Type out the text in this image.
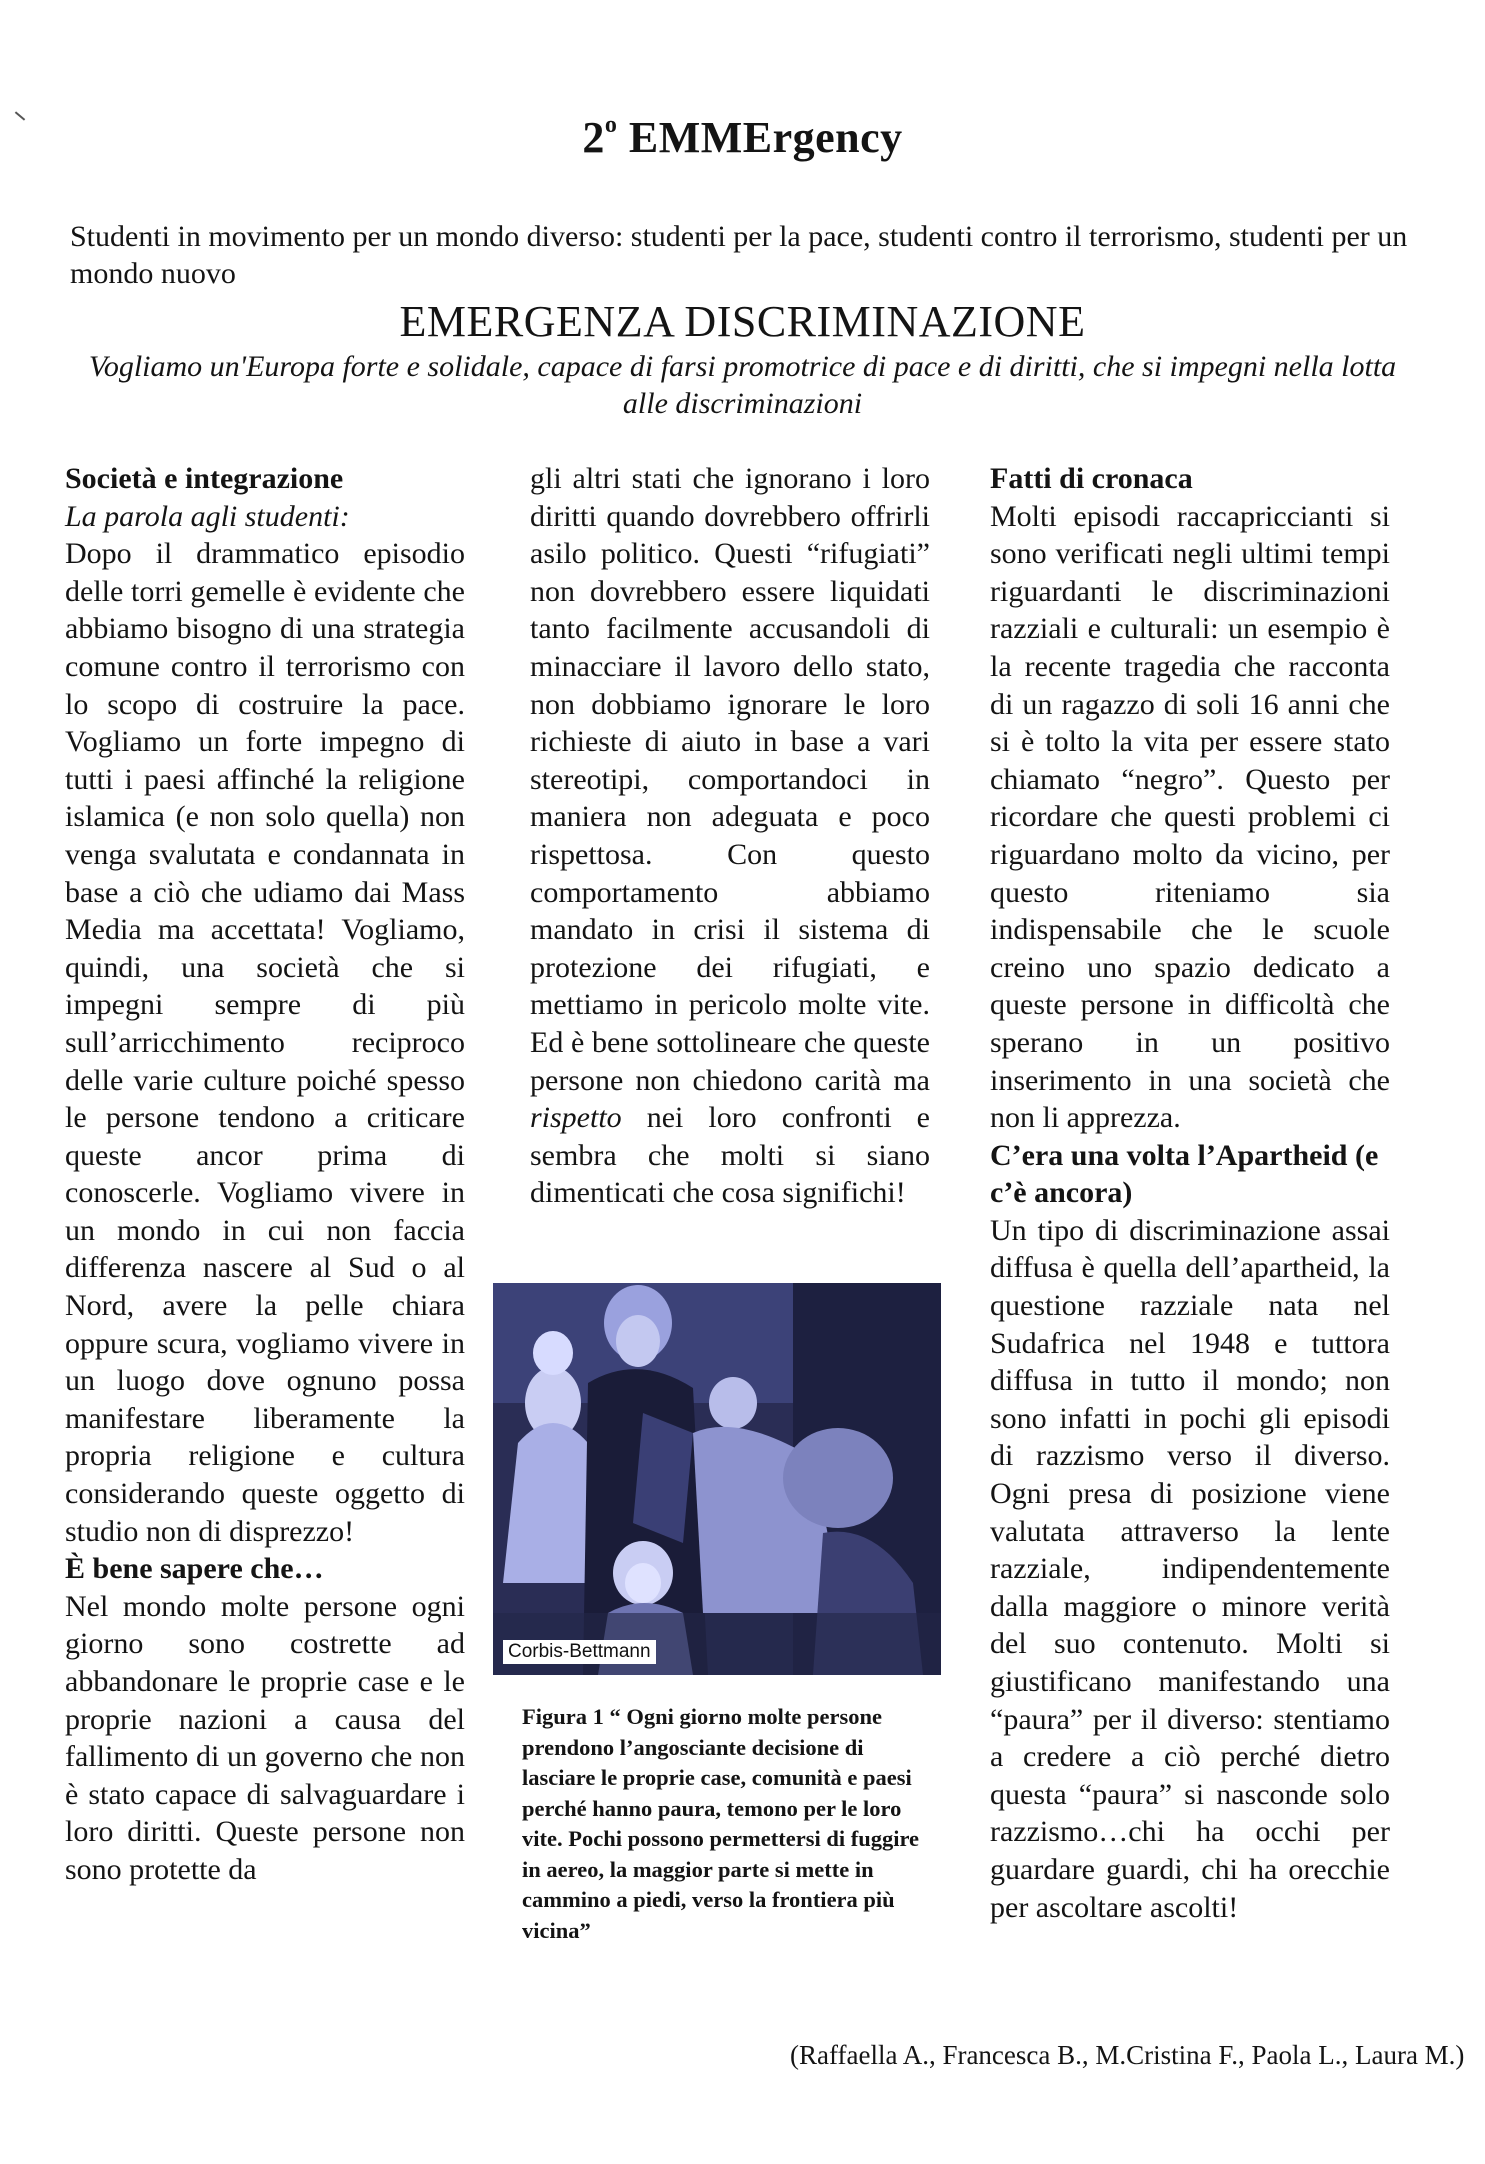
2$^o$ EMMErgency
Studenti in movimento per un mondo diverso: studenti per la pace, studenti contro il terrorismo, studenti per un mondo nuovo
EMERGENZA DISCRIMINAZIONE
Vogliamo un'Europa forte e solidale, capace di farsi promotrice di pace e di diritti, che si impegni nella lotta alle discriminazioni

Società e integrazione

La parola agli studenti:

Dopo il drammatico episodio delle torri gemelle è evidente che abbiamo bisogno di una strategia comune contro il terrorismo con lo scopo di costruire la pace. Vogliamo un forte impegno di tutti i paesi affinché la religione islamica (e non solo quella) non venga svalutata e condannata in base a ciò che udiamo dai Mass Media ma accettata! Vogliamo, quindi, una società che si impegni sempre di più sull’arricchimento reciproco delle varie culture poiché spesso le persone tendono a criticare queste ancor prima di conoscerle. Vogliamo vivere in un mondo in cui non faccia differenza nascere al Sud o al Nord, avere la pelle chiara oppure scura, vogliamo vivere in un luogo dove ognuno possa manifestare liberamente la propria religione e cultura considerando queste oggetto di studio non di disprezzo!

È bene sapere che…

Nel mondo molte persone ogni giorno sono costrette ad abbandonare le proprie case e le proprie nazioni a causa del fallimento di un governo che non è stato capace di salvaguardare i loro diritti. Queste persone non sono protette da

gli altri stati che ignorano i loro diritti quando dovrebbero offrirli asilo politico. Questi “rifugiati” non dovrebbero essere liquidati tanto facilmente accusandoli di minacciare il lavoro dello stato, non dobbiamo ignorare le loro richieste di aiuto in base a vari stereotipi, comportandoci in maniera non adeguata e poco rispettosa. Con questo comportamento abbiamo mandato in crisi il sistema di protezione dei rifugiati, e mettiamo in pericolo molte vite. Ed è bene sottolineare che queste persone non chiedono carità ma rispetto nei loro confronti e sembra che molti si siano dimenticati che cosa significhi!

Corbis-Bettmann
Figura 1 “ Ogni giorno molte persone prendono l’angosciante decisione di lasciare le proprie case, comunità e paesi perché hanno paura, temono per le loro vite. Pochi possono permettersi di fuggire in aereo, la maggior parte si mette in cammino a piedi, verso la frontiera più vicina”

Fatti di cronaca

Molti episodi raccapriccianti si sono verificati negli ultimi tempi riguardanti le discriminazioni razziali e culturali: un esempio è la recente tragedia che racconta di un ragazzo di soli 16 anni che si è tolto la vita per essere stato chiamato “negro”. Questo per ricordare che questi problemi ci riguardano molto da vicino, per questo riteniamo sia indispensabile che le scuole creino uno spazio dedicato a queste persone in difficoltà che sperano in un positivo inserimento in una società che non li apprezza.

C’era una volta l’Apartheid (e c’è ancora)

Un tipo di discriminazione assai diffusa è quella dell’apartheid, la questione razziale nata nel Sudafrica nel 1948 e tuttora diffusa in tutto il mondo; non sono infatti in pochi gli episodi di razzismo verso il diverso. Ogni presa di posizione viene valutata attraverso la lente razziale, indipendentemente dalla maggiore o minore verità del suo contenuto. Molti si giustificano manifestando una “paura” per il diverso: stentiamo a credere a ciò perché dietro questa “paura” si nasconde solo razzismo…chi ha occhi per guardare guardi, chi ha orecchie per ascoltare ascolti!

(Raffaella A., Francesca B., M.Cristina F., Paola L., Laura M.)
